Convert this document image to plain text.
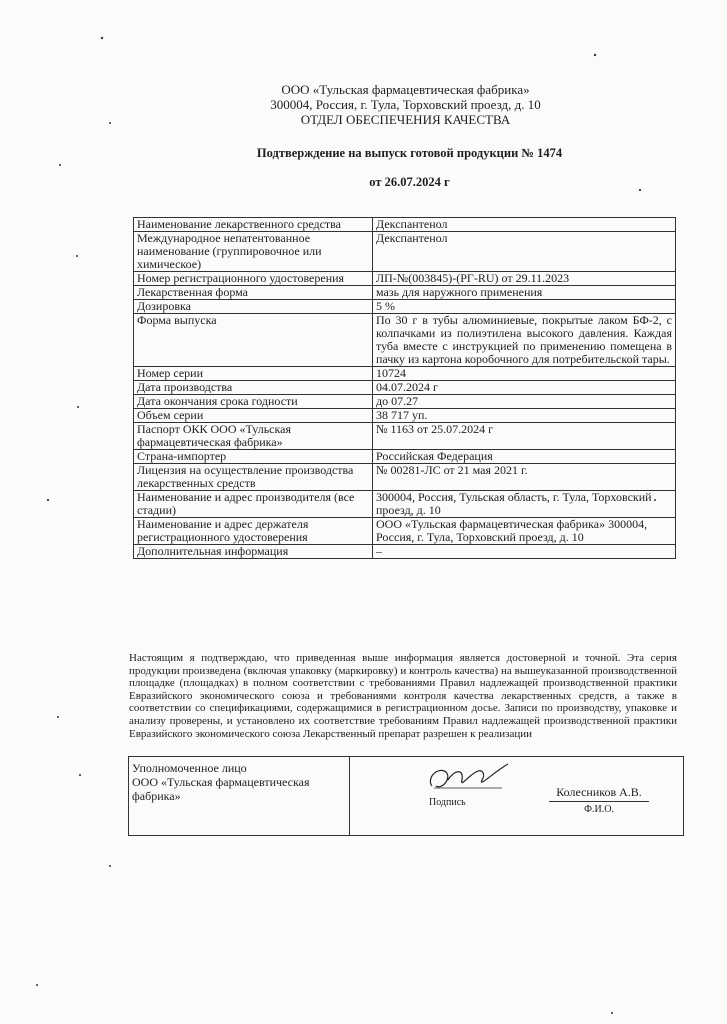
ООО «Тульская фармацевтическая фабрика»
300004, Россия, г. Тула, Торховский проезд, д. 10
ОТДЕЛ ОБЕСПЕЧЕНИЯ КАЧЕСТВА
Подтверждение на выпуск готовой продукции № 1474
от 26.07.2024 г
Наименование лекарственного средства	Декспантенол
Международное непатентованное наименование (группировочное или химическое)	Декспантенол
Номер регистрационного удостоверения	ЛП-№(003845)-(РГ-RU) от 29.11.2023
Лекарственная форма	мазь для наружного применения
Дозировка	5 %
Форма выпуска	По 30 г в тубы алюминиевые, покрытые лаком БФ-2, с колпачками из полиэтилена высокого давления. Каждая туба вместе с инструкцией по применению помещена в пачку из картона коробочного для потребительской тары.
Номер серии	10724
Дата производства	04.07.2024 г
Дата окончания срока годности	до 07.27
Объем серии	38 717 уп.
Паспорт ОКК ООО «Тульская фармацевтическая фабрика»	№ 1163 от 25.07.2024 г
Страна-импортер	Российская Федерация
Лицензия на осуществление производства лекарственных средств	№ 00281-ЛС от 21 мая 2021 г.
Наименование и адрес производителя (все стадии)	300004, Россия, Тульская область, г. Тула, Торховский проезд, д. 10
Наименование и адрес держателя регистрационного удостоверения	ООО «Тульская фармацевтическая фабрика» 300004, Россия, г. Тула, Торховский проезд, д. 10
Дополнительная информация	–
Настоящим я подтверждаю, что приведенная выше информация является достоверной и точной. Эта серия продукции произведена (включая упаковку (маркировку) и контроль качества) на вышеуказанной производственной площадке (площадках) в полном соответствии с требованиями Правил надлежащей производственной практики Евразийского экономического союза и требованиями контроля качества лекарственных средств, а также в соответствии со спецификациями, содержащимися в регистрационном досье. Записи по производству, упаковке и анализу проверены, и установлено их соответствие требованиям Правил надлежащей производственной практики Евразийского экономического союза Лекарственный препарат разрешен к реализации
Уполномоченное лицо
ООО «Тульская фармацевтическая фабрика»	Подпись
Колесников А.В.
Ф.И.О.
